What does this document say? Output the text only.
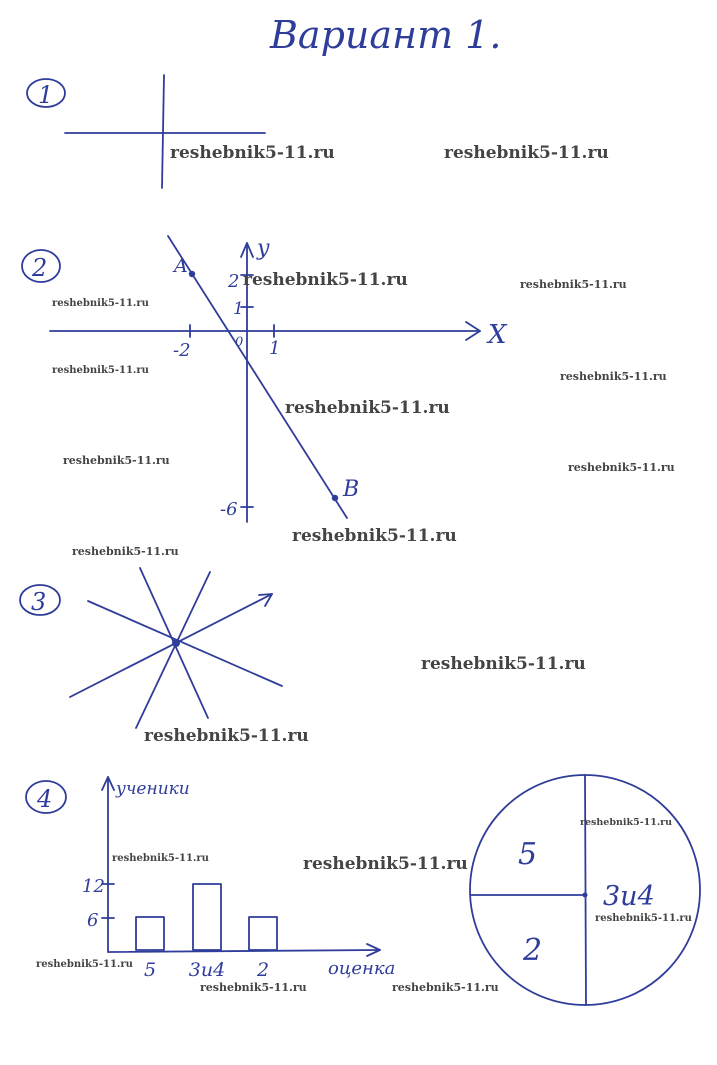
Вариант 1.
1
2
X
y
0
-2	1
2
1
-6
A
B
3
4	ученики
оценка
12
6
5 3и4 2
5
3и4
2
reshebnik5-11.ru	reshebnik5-11.ru
reshebnik5-11.ru	reshebnik5-11.ru
reshebnik5-11.ru
reshebnik5-11.ru	reshebnik5-11.ru
reshebnik5-11.ru
reshebnik5-11.ru
reshebnik5-11.ru
reshebnik5-11.ru
reshebnik5-11.ru
reshebnik5-11.ru
reshebnik5-11.ru
reshebnik5-11.ru
reshebnik5-11.ru	reshebnik5-11.ru
reshebnik5-11.ru
reshebnik5-11.ru
reshebnik5-11.ru	reshebnik5-11.ru
